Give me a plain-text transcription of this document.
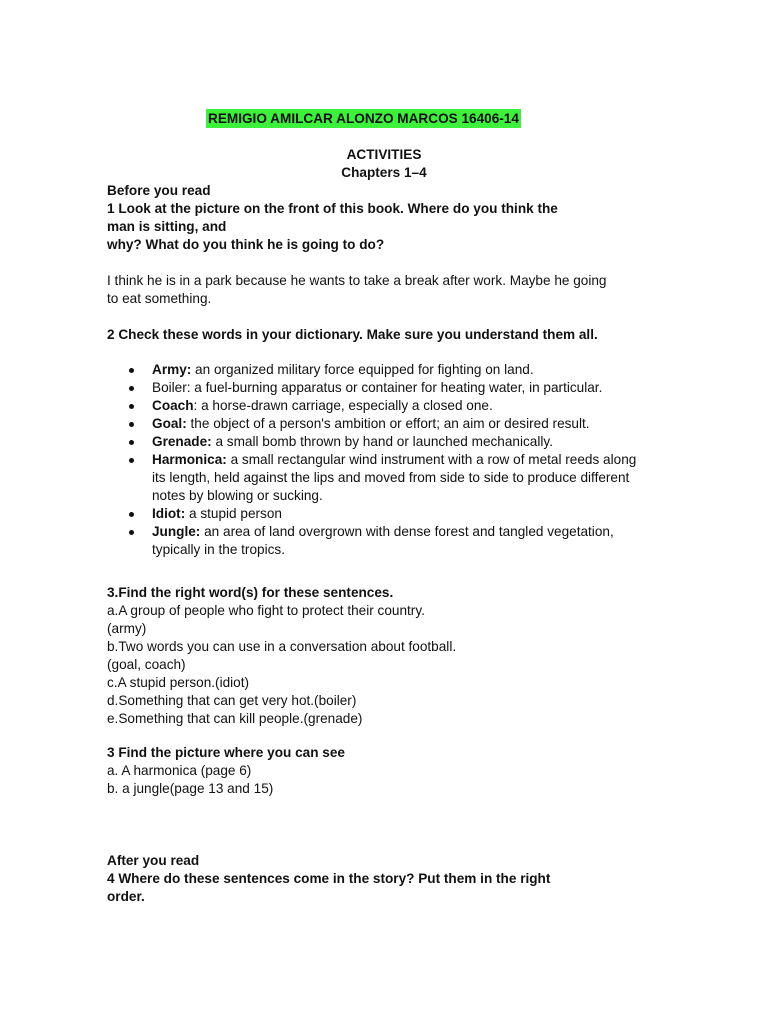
REMIGIO AMILCAR ALONZO MARCOS 16406-14
ACTIVITIES
Chapters 1–4
Before you read
1 Look at the picture on the front of this book. Where do you think the
man is sitting, and
why? What do you think he is going to do?
I think he is in a park because he wants to take a break after work. Maybe he going
to eat something.
2 Check these words in your dictionary. Make sure you understand them all.
Army: an organized military force equipped for fighting on land.
Boiler: a fuel-burning apparatus or container for heating water, in particular.
Coach: a horse-drawn carriage, especially a closed one.
Goal: the object of a person's ambition or effort; an aim or desired result.
Grenade: a small bomb thrown by hand or launched mechanically.
Harmonica: a small rectangular wind instrument with a row of metal reeds along its length, held against the lips and moved from side to side to produce different notes by blowing or sucking.
Idiot: a stupid person
Jungle: an area of land overgrown with dense forest and tangled vegetation, typically in the tropics.
3.Find the right word(s) for these sentences.
a.A group of people who fight to protect their country.
(army)
b.Two words you can use in a conversation about football.
(goal, coach)
c.A stupid person.(idiot)
d.Something that can get very hot.(boiler)
e.Something that can kill people.(grenade)
3 Find the picture where you can see
a. A harmonica (page 6)
b. a jungle(page 13 and 15)
After you read
4 Where do these sentences come in the story? Put them in the right
order.
